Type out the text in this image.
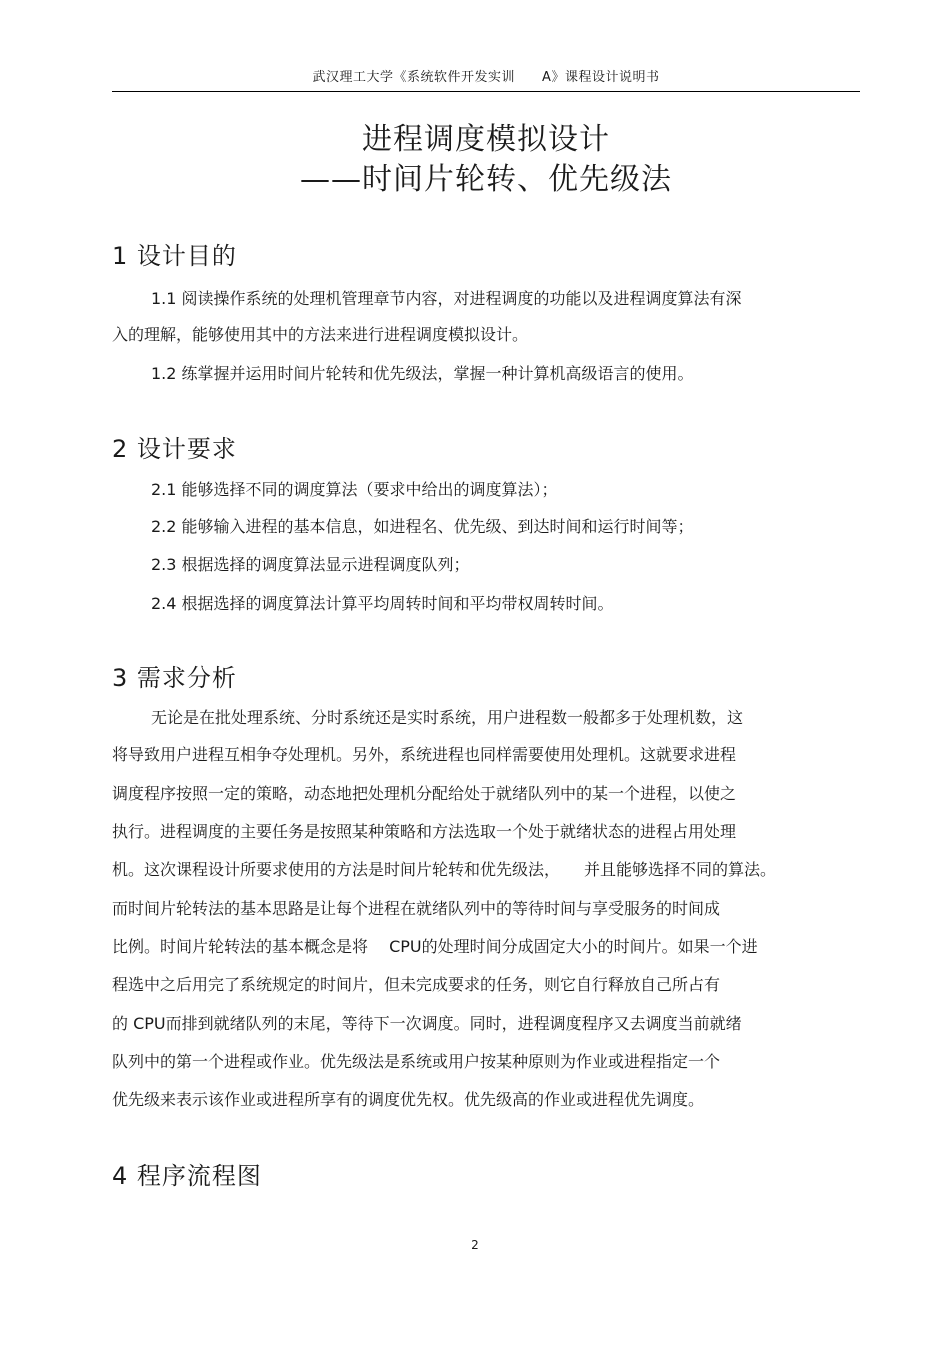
武汉理工大学《系统软件开发实训　　A》课程设计说明书
进程调度模拟设计
——时间片轮转、优先级法
1 设计目的
1.1 阅读操作系统的处理机管理章节内容，对进程调度的功能以及进程调度算法有深
入的理解，能够使用其中的方法来进行进程调度模拟设计。
1.2 练掌握并运用时间片轮转和优先级法，掌握一种计算机高级语言的使用。
2 设计要求
2.1 能够选择不同的调度算法（要求中给出的调度算法）；
2.2 能够输入进程的基本信息，如进程名、优先级、到达时间和运行时间等；
2.3 根据选择的调度算法显示进程调度队列；
2.4 根据选择的调度算法计算平均周转时间和平均带权周转时间。
3 需求分析
无论是在批处理系统、分时系统还是实时系统，用户进程数一般都多于处理机数，这
将导致用户进程互相争夺处理机。另外，系统进程也同样需要使用处理机。这就要求进程
调度程序按照一定的策略，动态地把处理机分配给处于就绪队列中的某一个进程，以使之
执行。进程调度的主要任务是按照某种策略和方法选取一个处于就绪状态的进程占用处理
机。这次课程设计所要求使用的方法是时间片轮转和优先级法，　　并且能够选择不同的算法。
而时间片轮转法的基本思路是让每个进程在就绪队列中的等待时间与享受服务的时间成
比例。时间片轮转法的基本概念是将　 CPU的处理时间分成固定大小的时间片。如果一个进
程选中之后用完了系统规定的时间片，但未完成要求的任务，则它自行释放自己所占有
的 CPU而排到就绪队列的末尾，等待下一次调度。同时，进程调度程序又去调度当前就绪
队列中的第一个进程或作业。优先级法是系统或用户按某种原则为作业或进程指定一个
优先级来表示该作业或进程所享有的调度优先权。优先级高的作业或进程优先调度。
4 程序流程图
2
